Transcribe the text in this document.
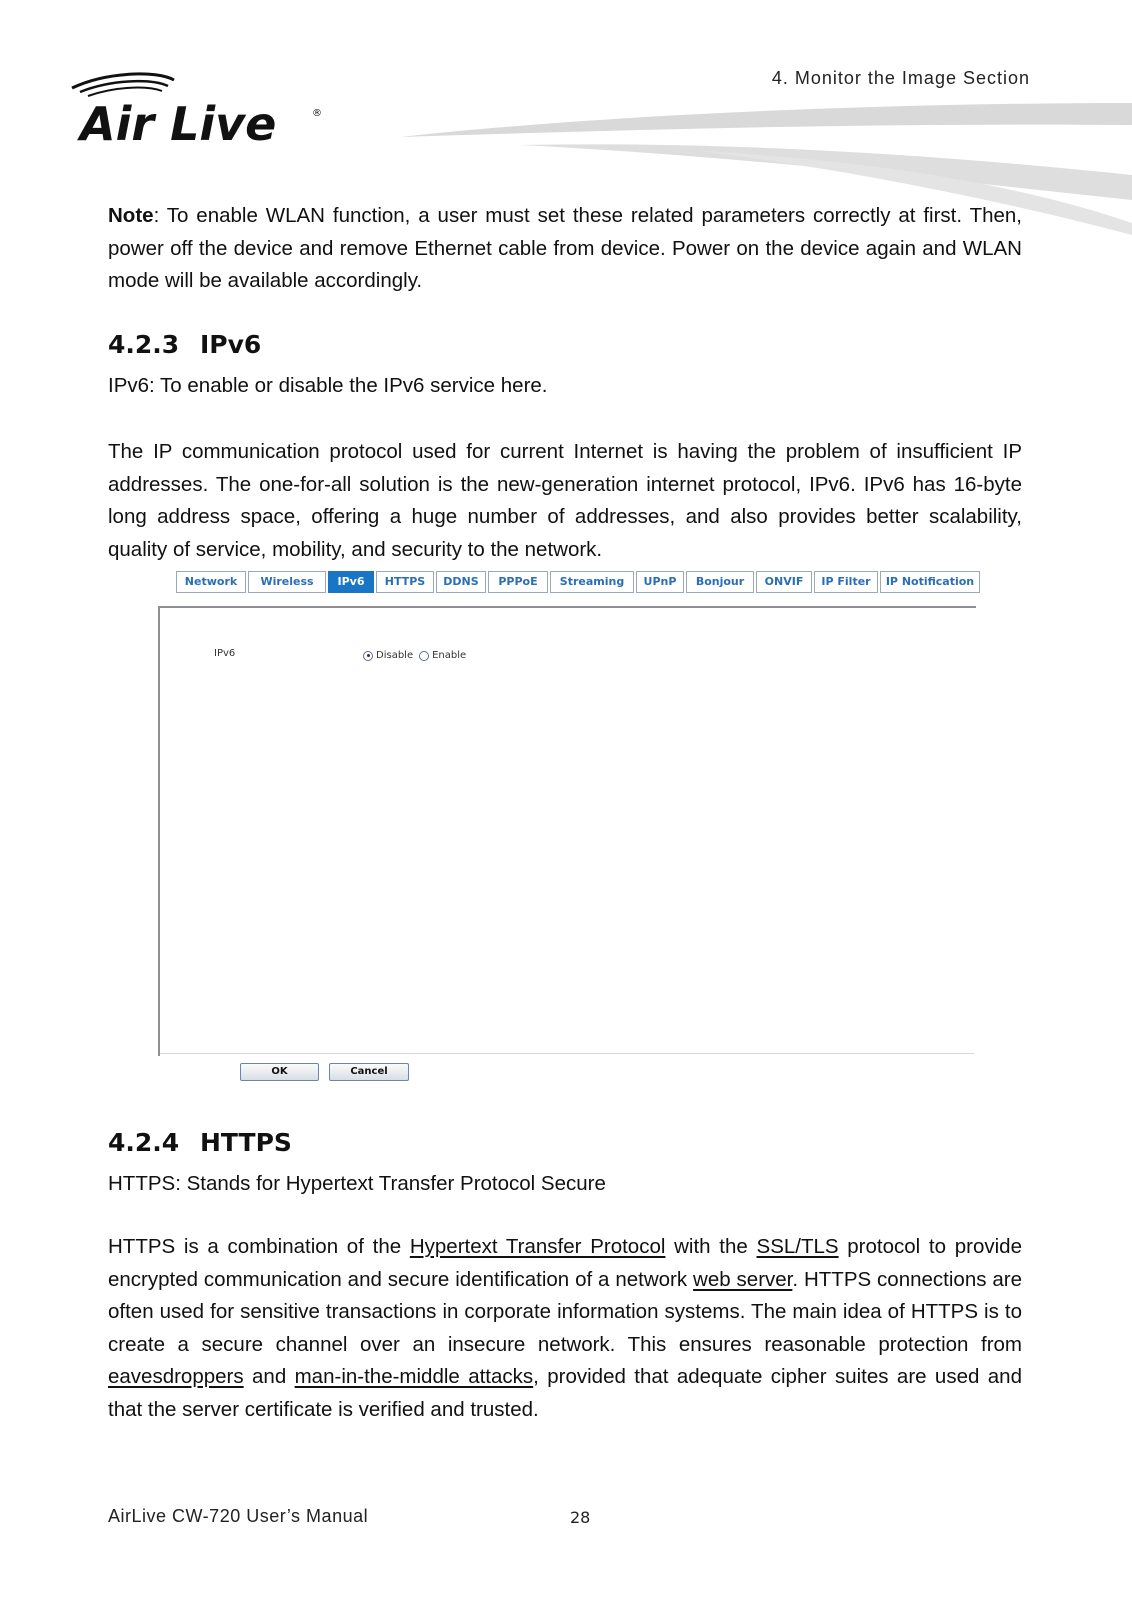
Air Live	®
4. Monitor the Image Section
Note: To enable WLAN function, a user must set these related parameters correctly at first. Then, power off the device and remove Ethernet cable from device. Power on the device again and WLAN mode will be available accordingly.
4.2.3 IPv6
IPv6: To enable or disable the IPv6 service here.
The IP communication protocol used for current Internet is having the problem of insufficient IP addresses. The one-for-all solution is the new-generation internet protocol, IPv6. IPv6 has 16-byte long address space, offering a huge number of addresses, and also provides better scalability, quality of service, mobility, and security to the network.
Network	Wireless	IPv6	HTTPS	DDNS	PPPoE	Streaming	UPnP	Bonjour	ONVIF	IP Filter	IP Notification
IPv6	Disable Enable
OK	Cancel
4.2.4 HTTPS
HTTPS: Stands for Hypertext Transfer Protocol Secure
HTTPS is a combination of the Hypertext Transfer Protocol with the SSL/TLS protocol to provide encrypted communication and secure identification of a network web server. HTTPS connections are often used for sensitive transactions in corporate information systems. The main idea of HTTPS is to create a secure channel over an insecure network. This ensures reasonable protection from eavesdroppers and man-in-the-middle attacks, provided that adequate cipher suites are used and that the server certificate is verified and trusted.
AirLive CW-720 User’s Manual	28
